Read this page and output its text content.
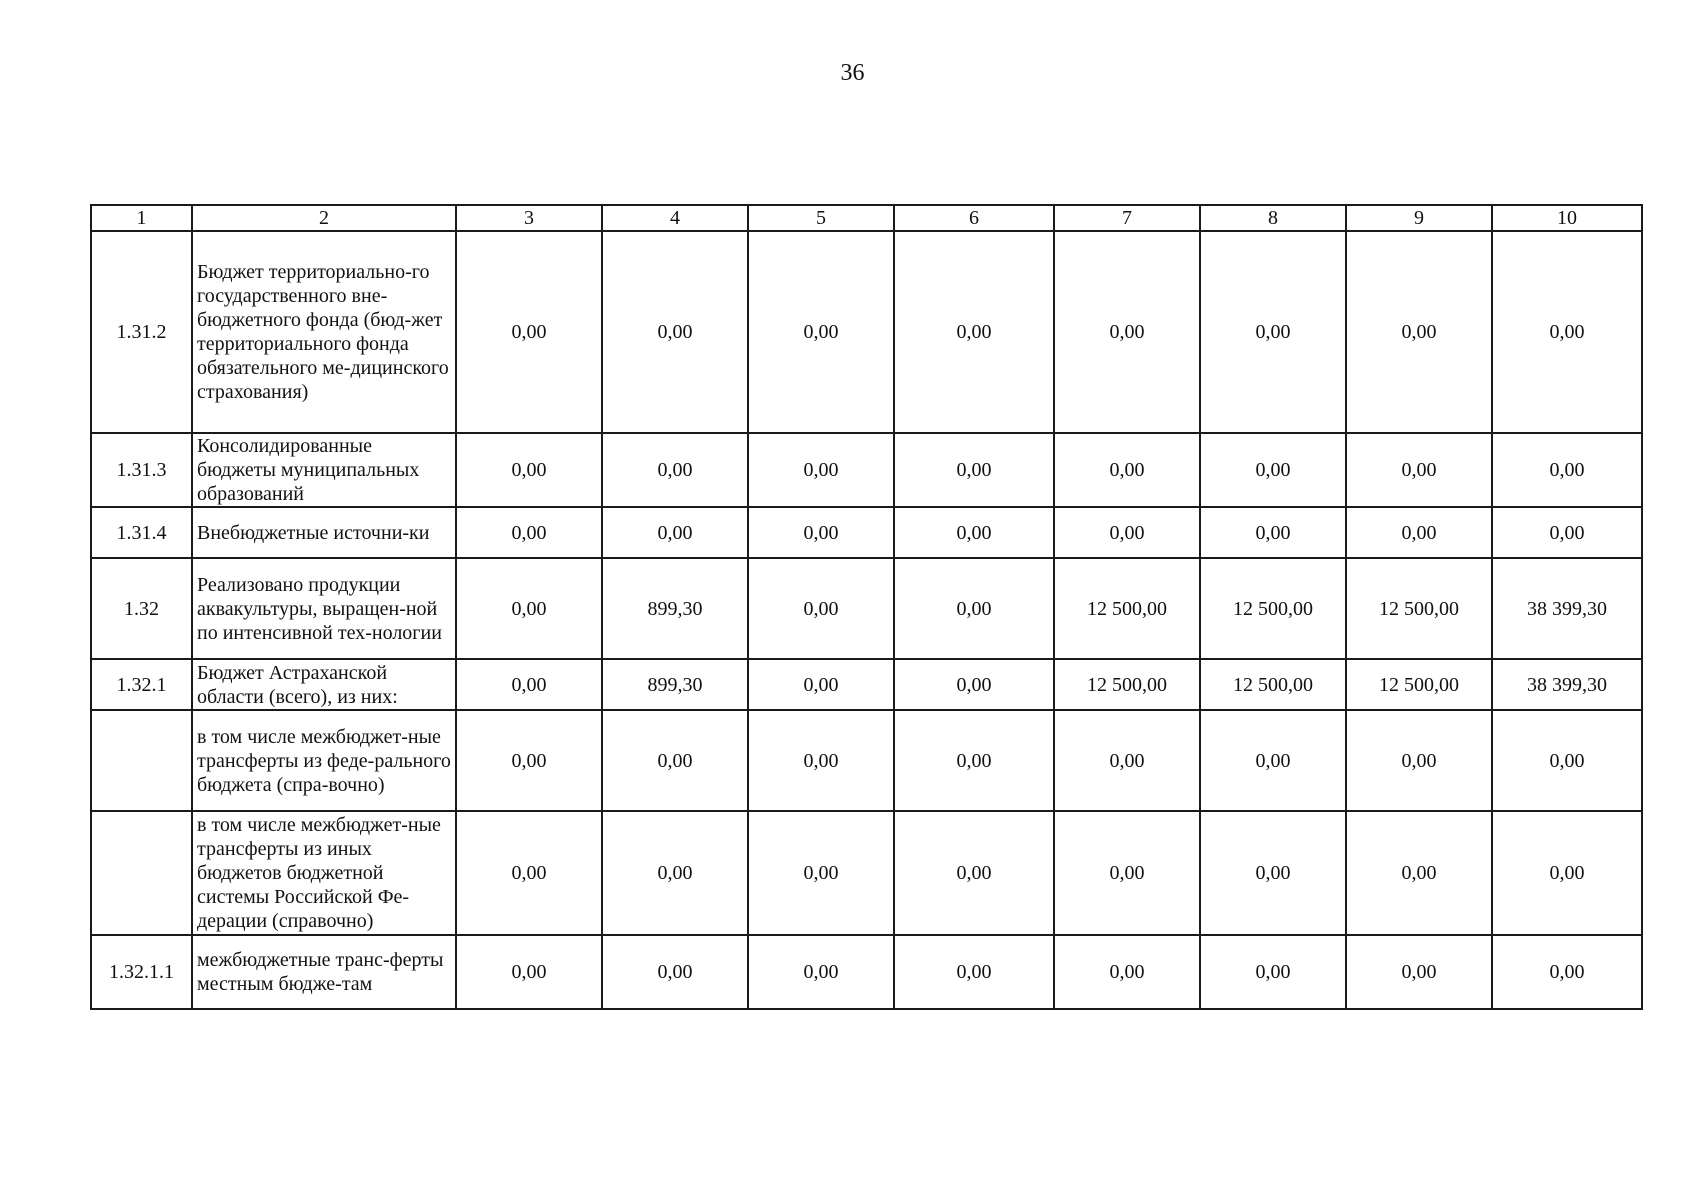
36
1	2	3	4	5	6	7	8	9	10
1.31.2	Бюджет территориально-го государственного вне-бюджетного фонда (бюд-жет территориального фонда обязательного ме-дицинского страхования)	0,00	0,00	0,00	0,00	0,00	0,00	0,00	0,00
1.31.3	Консолидированные бюджеты муниципальных образований	0,00	0,00	0,00	0,00	0,00	0,00	0,00	0,00
1.31.4	Внебюджетные источни-ки	0,00	0,00	0,00	0,00	0,00	0,00	0,00	0,00
1.32	Реализовано продукции аквакультуры, выращен-ной по интенсивной тех-нологии	0,00	899,30	0,00	0,00	12 500,00	12 500,00	12 500,00	38 399,30
1.32.1	Бюджет Астраханской области (всего), из них:	0,00	899,30	0,00	0,00	12 500,00	12 500,00	12 500,00	38 399,30
	в том числе межбюджет-ные трансферты из феде-рального бюджета (спра-вочно)	0,00	0,00	0,00	0,00	0,00	0,00	0,00	0,00
	в том числе межбюджет-ные трансферты из иных бюджетов бюджетной системы Российской Фе-дерации (справочно)	0,00	0,00	0,00	0,00	0,00	0,00	0,00	0,00
1.32.1.1	межбюджетные транс-ферты местным бюдже-там	0,00	0,00	0,00	0,00	0,00	0,00	0,00	0,00
